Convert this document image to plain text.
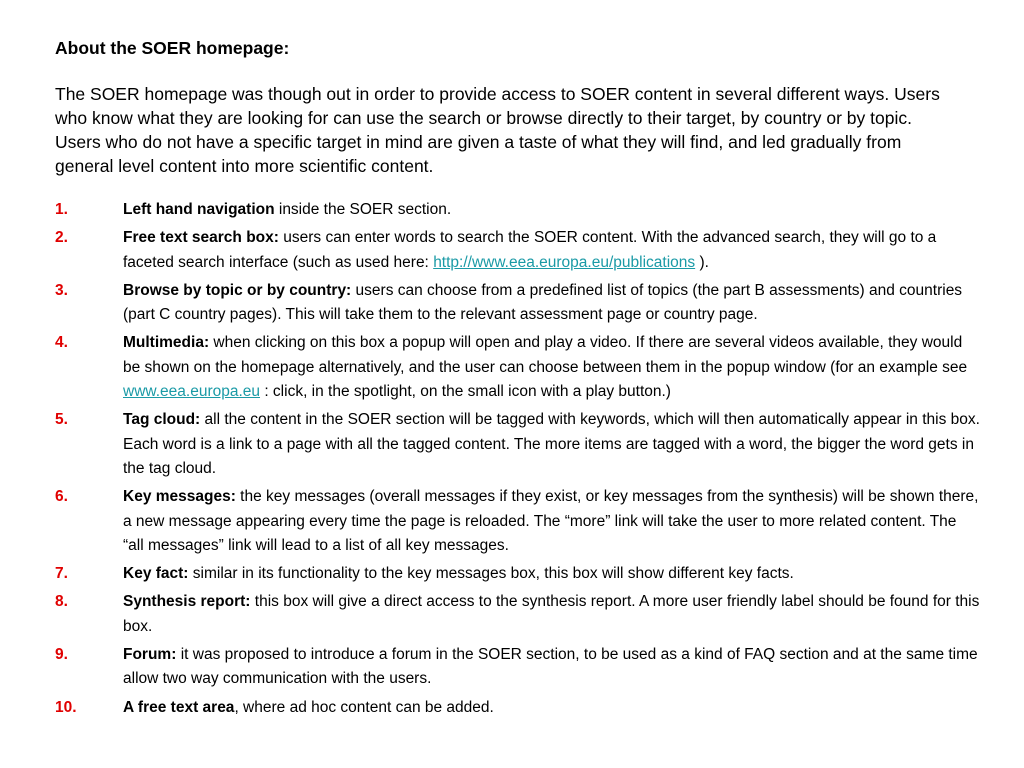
About the SOER homepage:

The SOER homepage was though out in order to provide access to SOER content in several different ways. Users who know what they are looking for can use the search or browse directly to their target, by country or by topic. Users who do not have a specific target in mind are given a taste of what they will find, and led gradually from general level content into more scientific content.

1.	Left hand navigation inside the SOER section.
2.	Free text search box: users can enter words to search the SOER content. With the advanced search, they will go to a faceted search interface (such as used here: http://www.eea.europa.eu/publications ).
3.	Browse by topic or by country: users can choose from a predefined list of topics (the part B assessments) and countries (part C country pages). This will take them to the relevant assessment page or country page.
4.	Multimedia: when clicking on this box a popup will open and play a video. If there are several videos available, they would be shown on the homepage alternatively, and the user can choose between them in the popup window (for an example see www.eea.europa.eu : click, in the spotlight, on the small icon with a play button.)
5.	Tag cloud: all the content in the SOER section will be tagged with keywords, which will then automatically appear in this box. Each word is a link to a page with all the tagged content. The more items are tagged with a word, the bigger the word gets in the tag cloud.
6.	Key messages: the key messages (overall messages if they exist, or key messages from the synthesis) will be shown there, a new message appearing every time the page is reloaded. The “more” link will take the user to more related content. The “all messages” link will lead to a list of all key messages.
7.	Key fact: similar in its functionality to the key messages box, this box will show different key facts.
8.	Synthesis report: this box will give a direct access to the synthesis report. A more user friendly label should be found for this box.
9.	Forum: it was proposed to introduce a forum in the SOER section, to be used as a kind of FAQ section and at the same time allow two way communication with the users.
10.	A free text area, where ad hoc content can be added.
